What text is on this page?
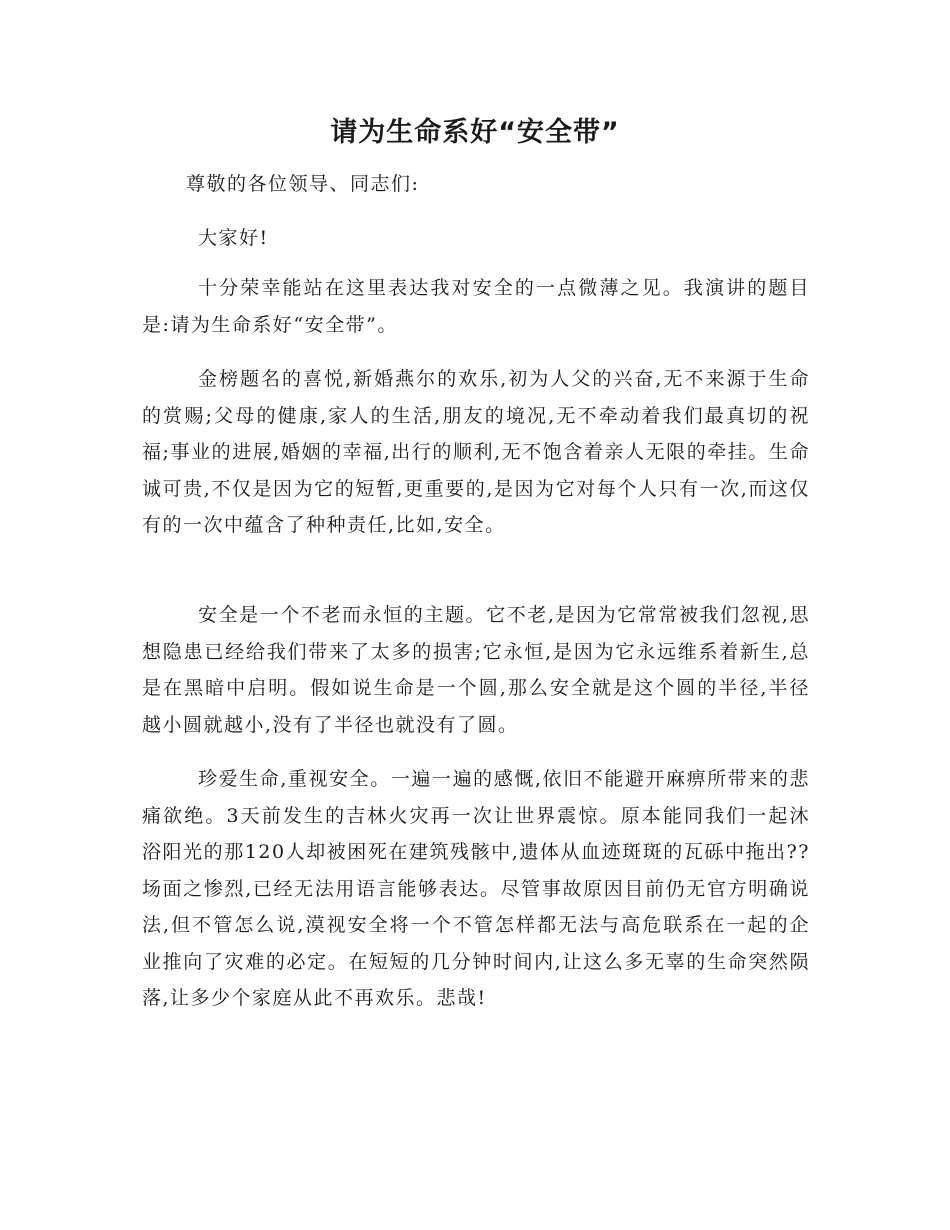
请为生命系好“安全带”

尊敬的各位领导、同志们:

大家好!

十分荣幸能站在这里表达我对安全的一点微薄之见。我演讲的题目是:请为生命系好“安全带”。

金榜题名的喜悦,新婚燕尔的欢乐,初为人父的兴奋,无不来源于生命的赏赐;父母的健康,家人的生活,朋友的境况,无不牵动着我们最真切的祝福;事业的进展,婚姻的幸福,出行的顺利,无不饱含着亲人无限的牵挂。生命诚可贵,不仅是因为它的短暂,更重要的,是因为它对每个人只有一次,而这仅有的一次中蕴含了种种责任,比如,安全。

安全是一个不老而永恒的主题。它不老,是因为它常常被我们忽视,思想隐患已经给我们带来了太多的损害;它永恒,是因为它永远维系着新生,总是在黑暗中启明。假如说生命是一个圆,那么安全就是这个圆的半径,半径越小圆就越小,没有了半径也就没有了圆。

珍爱生命,重视安全。一遍一遍的感慨,依旧不能避开麻痹所带来的悲痛欲绝。3天前发生的吉林火灾再一次让世界震惊。原本能同我们一起沐浴阳光的那120人却被困死在建筑残骸中,遗体从血迹斑斑的瓦砾中拖出??场面之惨烈,已经无法用语言能够表达。尽管事故原因目前仍无官方明确说法,但不管怎么说,漠视安全将一个不管怎样都无法与高危联系在一起的企业推向了灾难的必定。在短短的几分钟时间内,让这么多无辜的生命突然陨落,让多少个家庭从此不再欢乐。悲哉!
